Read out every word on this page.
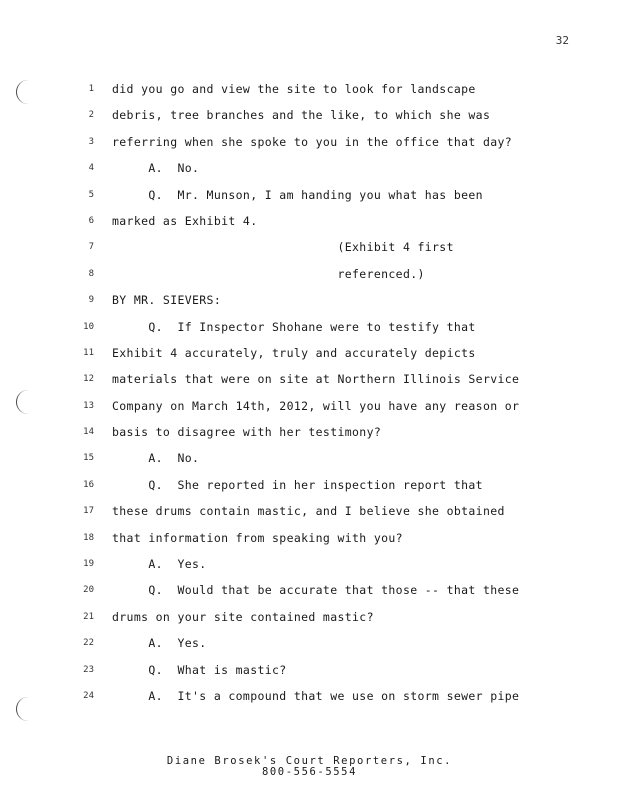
32
1 did you go and view the site to look for landscape
2 debris, tree branches and the like, to which she was
3 referring when she spoke to you in the office that day?
4 A.  No.
5 Q.  Mr. Munson, I am handing you what has been
6 marked as Exhibit 4.
7 (Exhibit 4 first
8 referenced.)
9 BY MR. SIEVERS:
10 Q.  If Inspector Shohane were to testify that
11 Exhibit 4 accurately, truly and accurately depicts
12 materials that were on site at Northern Illinois Service
13 Company on March 14th, 2012, will you have any reason or
14 basis to disagree with her testimony?
15 A.  No.
16 Q.  She reported in her inspection report that
17 these drums contain mastic, and I believe she obtained
18 that information from speaking with you?
19 A.  Yes.
20 Q.  Would that be accurate that those -- that these
21 drums on your site contained mastic?
22 A.  Yes.
23 Q.  What is mastic?
24 A.  It's a compound that we use on storm sewer pipe
Diane Brosek's Court Reporters, Inc.
800-556-5554
